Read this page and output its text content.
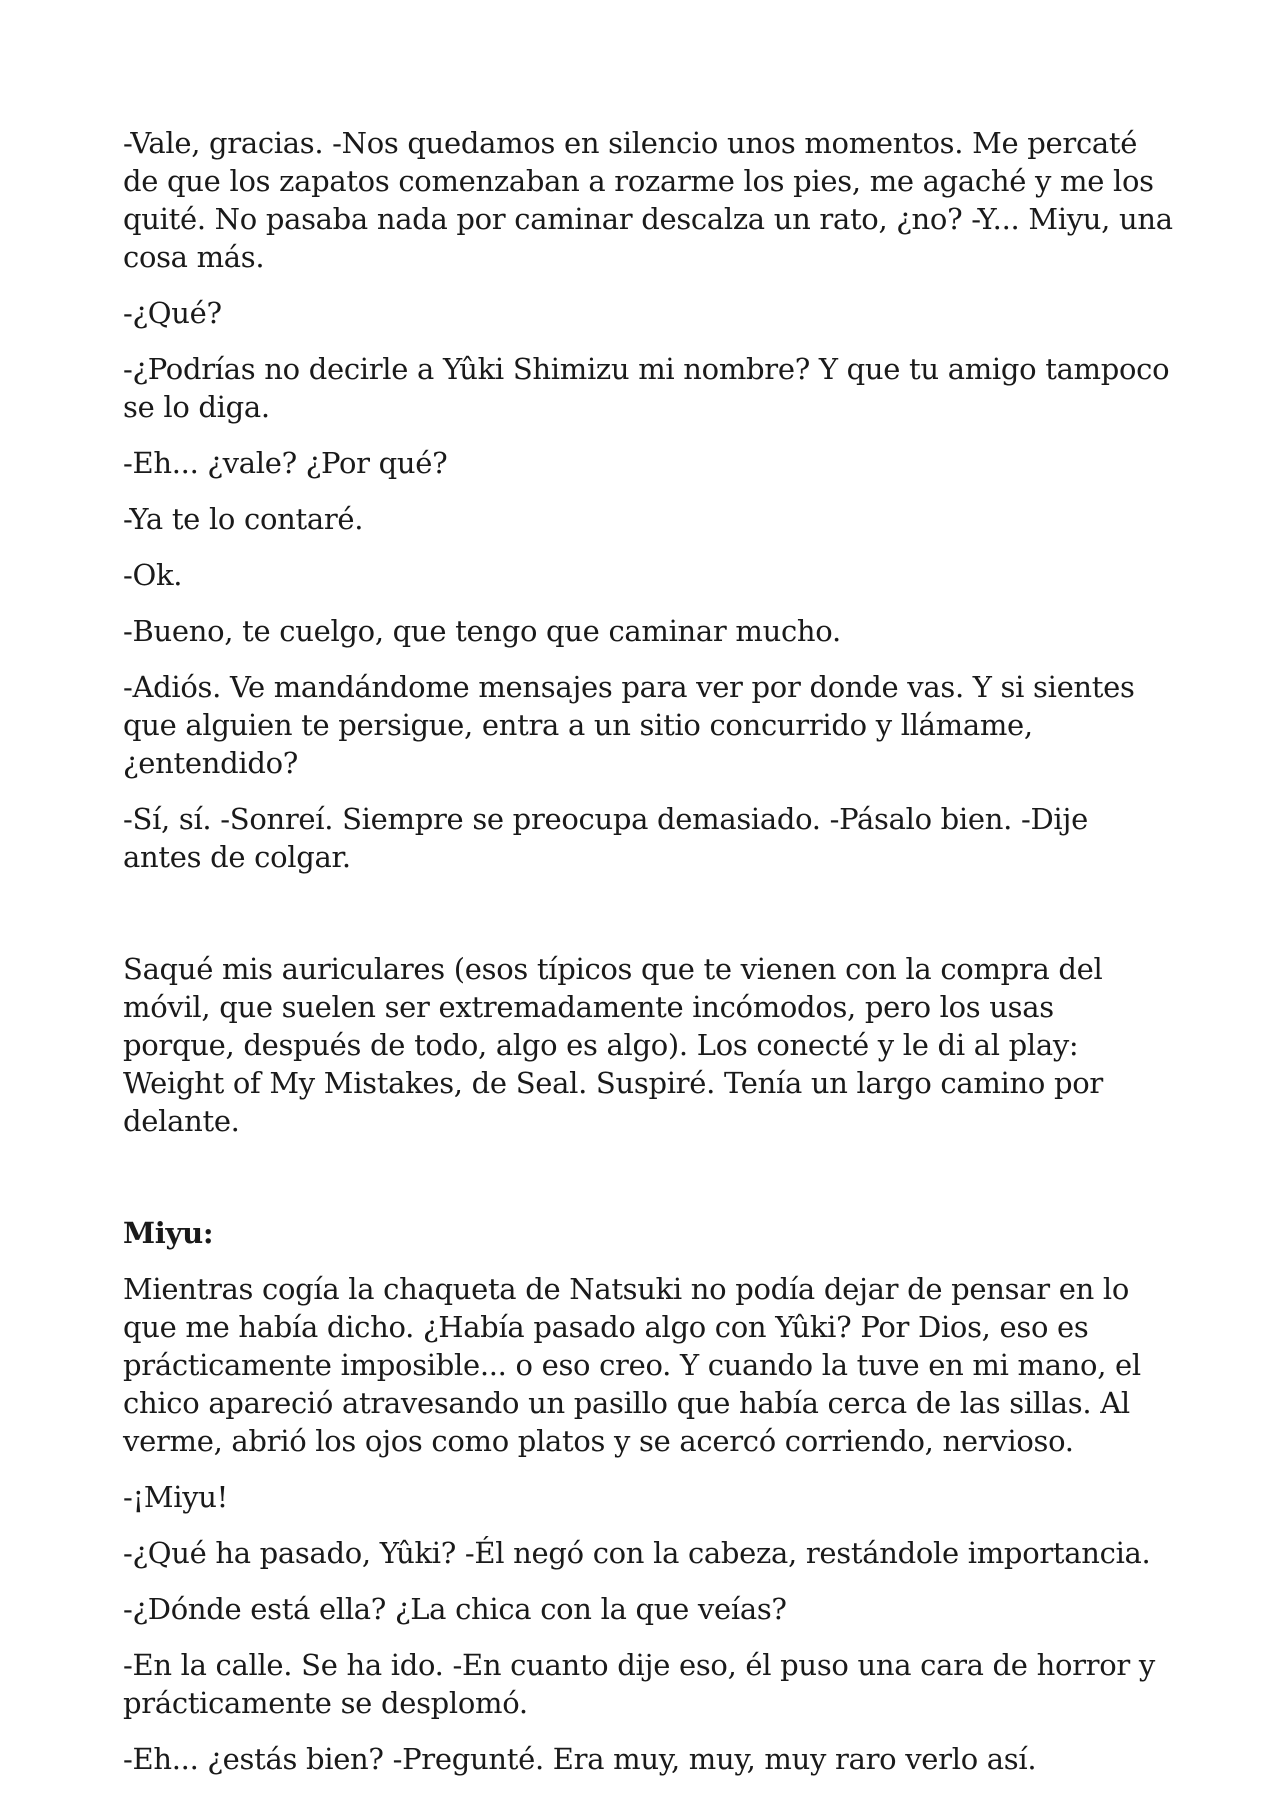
-Vale, gracias. -Nos quedamos en silencio unos momentos. Me percaté de que los zapatos comenzaban a rozarme los pies, me agaché y me los quité. No pasaba nada por caminar descalza un rato, ¿no? -Y... Miyu, una cosa más.

-¿Qué?

-¿Podrías no decirle a Yûki Shimizu mi nombre? Y que tu amigo tampoco se lo diga.

-Eh... ¿vale? ¿Por qué?

-Ya te lo contaré.

-Ok.

-Bueno, te cuelgo, que tengo que caminar mucho.

-Adiós. Ve mandándome mensajes para ver por donde vas. Y si sientes que alguien te persigue, entra a un sitio concurrido y llámame, ¿entendido?

-Sí, sí. -Sonreí. Siempre se preocupa demasiado. -Pásalo bien. -Dije antes de colgar.

Saqué mis auriculares (esos típicos que te vienen con la compra del móvil, que suelen ser extremadamente incómodos, pero los usas porque, después de todo, algo es algo). Los conecté y le di al play: Weight of My Mistakes, de Seal. Suspiré. Tenía un largo camino por delante.

Miyu:

Mientras cogía la chaqueta de Natsuki no podía dejar de pensar en lo que me había dicho. ¿Había pasado algo con Yûki? Por Dios, eso es prácticamente imposible... o eso creo. Y cuando la tuve en mi mano, el chico apareció atravesando un pasillo que había cerca de las sillas. Al verme, abrió los ojos como platos y se acercó corriendo, nervioso.

-¡Miyu!

-¿Qué ha pasado, Yûki? -Él negó con la cabeza, restándole importancia.

-¿Dónde está ella? ¿La chica con la que veías?

-En la calle. Se ha ido. -En cuanto dije eso, él puso una cara de horror y prácticamente se desplomó.

-Eh... ¿estás bien? -Pregunté. Era muy, muy, muy raro verlo así.
